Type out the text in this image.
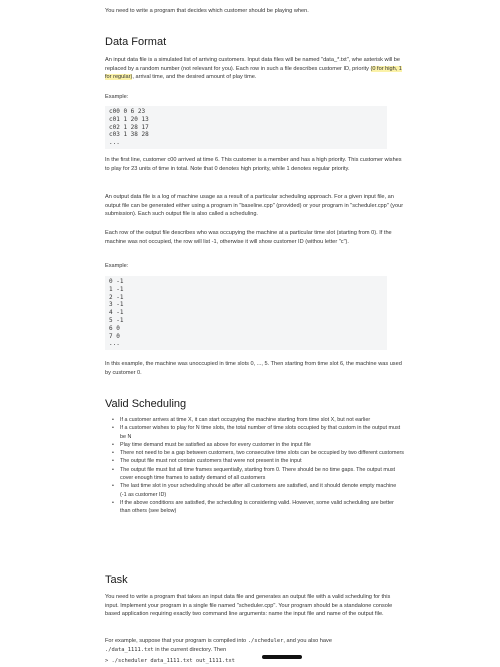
You need to write a program that decides which customer should be playing when.

Data Format

An input data file is a simulated list of arriving customers. Input data files will be named "data_*.txt", whe asterisk will be replaced by a random number (not relevant for you). Each row in such a file describes customer ID, priority (0 for high, 1 for regular), arrival time, and the desired amount of play time.

Example:

c00 0 6 23
c01 1 20 13
c02 1 28 17
c03 1 38 28
...

In the first line, customer c00 arrived at time 6. This customer is a member and has a high priority. This customer wishes to play for 23 units of time in total. Note that 0 denotes high priority, while 1 denotes regular priority.

An output data file is a log of machine usage as a result of a particular scheduling approach. For a given input file, an output file can be generated either using a program in "baseline.cpp" (provided) or your program in "scheduler.cpp" (your submission). Each such output file is also called a scheduling.

Each row of the output file describes who was occupying the machine at a particular time slot (starting from 0). If the machine was not occupied, the row will list -1, otherwise it will show customer ID (withou letter "c").

Example:

0 -1
1 -1
2 -1
3 -1
4 -1
5 -1
6 0
7 0
...

In this example, the machine was unoccupied in time slots 0, ..., 5. Then starting from time slot 6, the machine was used by customer 0.

Valid Scheduling
• If a customer arrives at time X, it can start occupying the machine starting from time slot X, but not earlier
• If a customer wishes to play for N time slots, the total number of time slots occupied by that custom in the output must be N
• Play time demand must be satisfied as above for every customer in the input file
• There not need to be a gap between customers, two consecutive time slots can be occupied by two different customers
• The output file must not contain customers that were not present in the input
• The output file must list all time frames sequentially, starting from 0. There should be no time gaps. The output must cover enough time frames to satisfy demand of all customers
• The last time slot in your scheduling should be after all customers are satisfied, and it should denote empty machine (-1 as customer ID)
• If the above conditions are satisfied, the scheduling is considering valid. However, some valid scheduling are better than others (see below)
Task

You need to write a program that takes an input data file and generates an output file with a valid scheduling for this input. Implement your program in a single file named "scheduler.cpp". Your program should be a standalone console based application requiring exactly two command line arguments: name the input file and name of the output file.

For example, suppose that your program is compiled into ./scheduler, and you also have
./data_1111.txt in the current directory. Then

> ./scheduler data_1111.txt out_1111.txt
